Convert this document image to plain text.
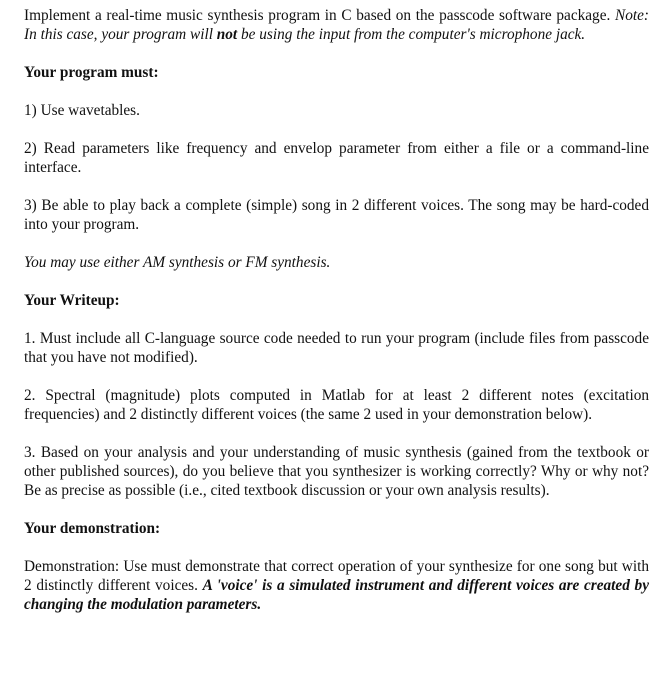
Implement a real-time music synthesis program in C based on the passcode software package. Note: In this case, your program will not be using the input from the computer's microphone jack.

Your program must:

1) Use wavetables.

2) Read parameters like frequency and envelop parameter from either a file or a command-line interface.

3) Be able to play back a complete (simple) song in 2 different voices. The song may be hard-coded into your program.

You may use either AM synthesis or FM synthesis.

Your Writeup:

1. Must include all C-language source code needed to run your program (include files from passcode that you have not modified).

2. Spectral (magnitude) plots computed in Matlab for at least 2 different notes (excitation frequencies) and 2 distinctly different voices (the same 2 used in your demonstration below).

3. Based on your analysis and your understanding of music synthesis (gained from the textbook or other published sources), do you believe that you synthesizer is working correctly? Why or why not? Be as precise as possible (i.e., cited textbook discussion or your own analysis results).

Your demonstration:

Demonstration: Use must demonstrate that correct operation of your synthesize for one song but with 2 distinctly different voices. A 'voice' is a simulated instrument and different voices are created by changing the modulation parameters.
